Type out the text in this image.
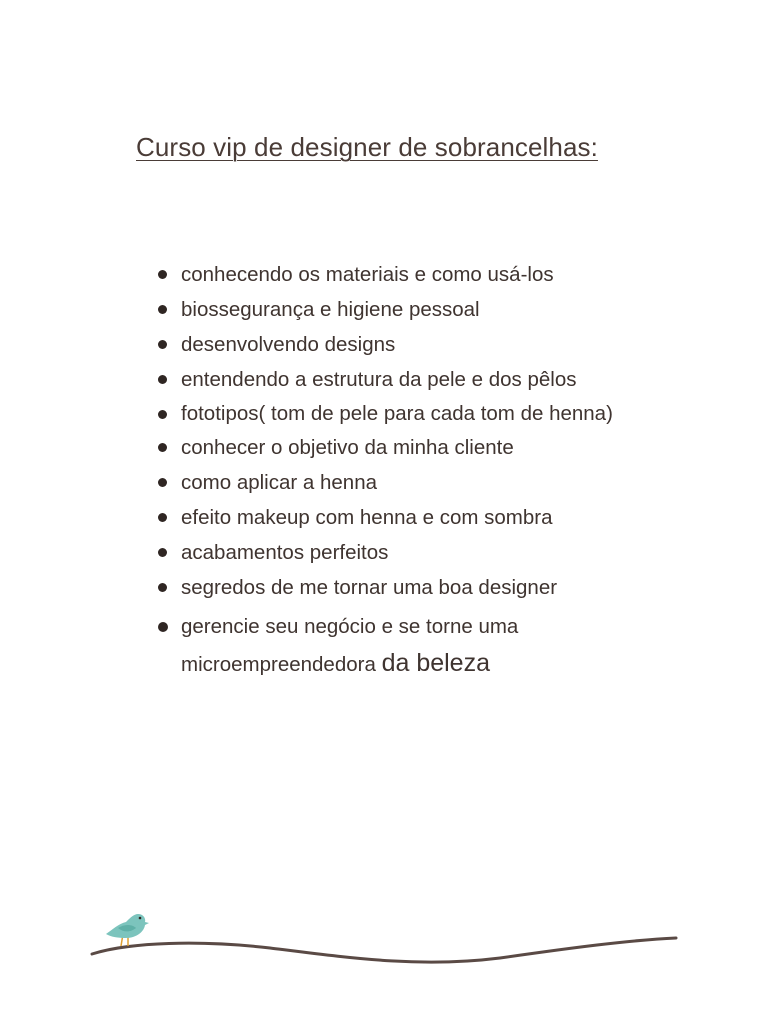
Curso vip de designer de sobrancelhas:
conhecendo os materiais e como usá-los
biossegurança e higiene pessoal
desenvolvendo designs
entendendo a estrutura da pele e dos pêlos
fototipos( tom de pele para cada tom de henna)
conhecer o objetivo da minha cliente
como aplicar a henna
efeito makeup com henna e com sombra
acabamentos perfeitos
segredos de me tornar uma boa designer
gerencie seu negócio e se torne uma microempreendedora da beleza
